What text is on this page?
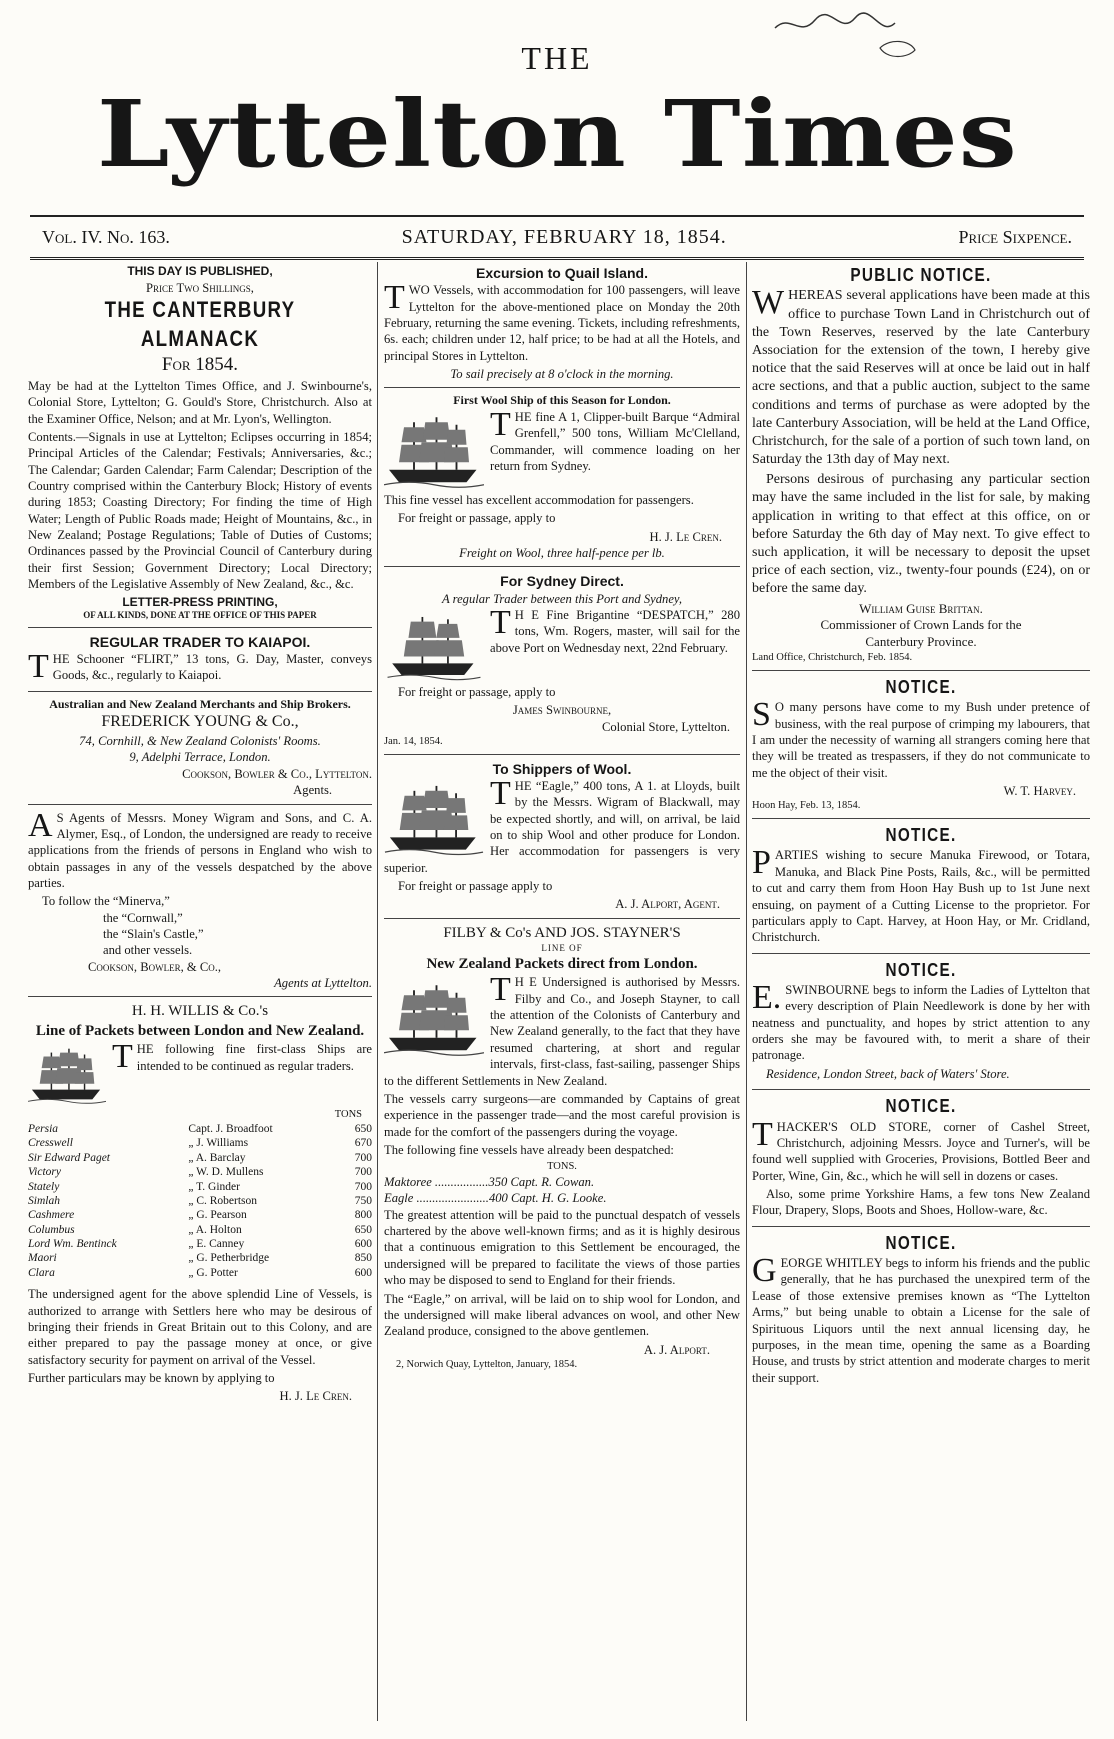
THE
Lyttelton Times
Vol. IV. No. 163.	SATURDAY, FEBRUARY 18, 1854.	Price Sixpence.
THIS DAY IS PUBLISHED,
Price Two Shillings,
THE CANTERBURY ALMANACK
For 1854.

May be had at the Lyttelton Times Office, and J. Swinbourne's, Colonial Store, Lyttelton; G. Gould's Store, Christchurch. Also at the Examiner Office, Nelson; and at Mr. Lyon's, Wellington.

Contents.—Signals in use at Lyttelton; Eclipses occurring in 1854; Principal Articles of the Calendar; Festivals; Anniversaries, &c.; The Calendar; Garden Calendar; Farm Calendar; Description of the Country comprised within the Canterbury Block; History of events during 1853; Coasting Directory; For finding the time of High Water; Length of Public Roads made; Height of Mountains, &c., in New Zealand; Postage Regulations; Table of Duties of Customs; Ordinances passed by the Provincial Council of Canterbury during their first Session; Government Directory; Local Directory; Members of the Legislative Assembly of New Zealand, &c., &c.

LETTER-PRESS PRINTING,
OF ALL KINDS, DONE AT THE OFFICE OF THIS PAPER
REGULAR TRADER TO KAIAPOI.

THE Schooner “FLIRT,” 13 tons, G. Day, Master, conveys Goods, &c., regularly to Kaiapoi.

Australian and New Zealand Merchants and Ship Brokers.
FREDERICK YOUNG & Co.,
74, Cornhill, & New Zealand Colonists' Rooms.
9, Adelphi Terrace, London.
Cookson, Bowler & Co., Lyttelton.
Agents.

A S Agents of Messrs. Money Wigram and Sons, and C. A. Alymer, Esq., of London, the undersigned are ready to receive applications from the friends of persons in England who wish to obtain passages in any of the vessels despatched by the above parties.

To follow the “Minerva,”
the “Cornwall,”
the “Slain's Castle,”
and other vessels.
Cookson, Bowler, & Co.,
Agents at Lyttelton.
H. H. WILLIS & Co.'s
Line of Packets between London and New Zealand.

THE following fine first-class Ships are intended to be continued as regular traders.

TONS
Persia	Capt. J. Broadfoot	650
Cresswell	„ J. Williams	670
Sir Edward Paget	„ A. Barclay	700
Victory	„ W. D. Mullens	700
Stately	„ T. Ginder	700
Simlah	„ C. Robertson	750
Cashmere	„ G. Pearson	800
Columbus	„ A. Holton	650
Lord Wm. Bentinck	„ E. Canney	600
Maori	„ G. Petherbridge	850
Clara	„ G. Potter	600

The undersigned agent for the above splendid Line of Vessels, is authorized to arrange with Settlers here who may be desirous of bringing their friends in Great Britain out to this Colony, and are either prepared to pay the passage money at once, or give satisfactory security for payment on arrival of the Vessel.

Further particulars may be known by applying to

H. J. Le Cren.
Excursion to Quail Island.

TWO Vessels, with accommodation for 100 passengers, will leave Lyttelton for the above-mentioned place on Monday the 20th February, returning the same evening. Tickets, including refreshments, 6s. each; children under 12, half price; to be had at all the Hotels, and principal Stores in Lyttelton.

To sail precisely at 8 o'clock in the morning.
First Wool Ship of this Season for London.

THE fine A 1, Clipper-built Barque “Admiral Grenfell,” 500 tons, William Mc'Clelland, Commander, will commence loading on her return from Sydney.

This fine vessel has excellent accommodation for passengers.

For freight or passage, apply to

H. J. Le Cren.
Freight on Wool, three half-pence per lb.
For Sydney Direct.
A regular Trader between this Port and Sydney,

T H E Fine Brigantine “DESPATCH,” 280 tons, Wm. Rogers, master, will sail for the above Port on Wednesday next, 22nd February.

For freight or passage, apply to

James Swinbourne,
Colonial Store, Lyttelton.
Jan. 14, 1854.
To Shippers of Wool.

THE “Eagle,” 400 tons, A 1. at Lloyds, built by the Messrs. Wigram of Blackwall, may be expected shortly, and will, on arrival, be laid on to ship Wool and other produce for London. Her accommodation for passengers is very superior.

For freight or passage apply to

A. J. Alport, Agent.
FILBY & Co's AND JOS. STAYNER'S
LINE OF
New Zealand Packets direct from London.

T H E Undersigned is authorised by Messrs. Filby and Co., and Joseph Stayner, to call the attention of the Colonists of Canterbury and New Zealand generally, to the fact that they have resumed chartering, at short and regular intervals, first-class, fast-sailing, passenger Ships to the different Settlements in New Zealand.

The vessels carry surgeons—are commanded by Captains of great experience in the passenger trade—and the most careful provision is made for the comfort of the passengers during the voyage.

The following fine vessels have already been despatched:

TONS.
Maktoree .................350 Capt. R. Cowan.
Eagle .......................400 Capt. H. G. Looke.

The greatest attention will be paid to the punctual despatch of vessels chartered by the above well-known firms; and as it is highly desirous that a continuous emigration to this Settlement be encouraged, the undersigned will be prepared to facilitate the views of those parties who may be disposed to send to England for their friends.

The “Eagle,” on arrival, will be laid on to ship wool for London, and the undersigned will make liberal advances on wool, and other New Zealand produce, consigned to the above gentlemen.

A. J. Alport.
2, Norwich Quay, Lyttelton, January, 1854.
PUBLIC NOTICE.

WHEREAS several applications have been made at this office to purchase Town Land in Christchurch out of the Town Reserves, reserved by the late Canterbury Association for the extension of the town, I hereby give notice that the said Reserves will at once be laid out in half acre sections, and that a public auction, subject to the same conditions and terms of purchase as were adopted by the late Canterbury Association, will be held at the Land Office, Christchurch, for the sale of a portion of such town land, on Saturday the 13th day of May next.

Persons desirous of purchasing any particular section may have the same included in the list for sale, by making application in writing to that effect at this office, on or before Saturday the 6th day of May next. To give effect to such application, it will be necessary to deposit the upset price of each section, viz., twenty-four pounds (£24), on or before the same day.

William Guise Brittan.
Commissioner of Crown Lands for the
Canterbury Province.
Land Office, Christchurch, Feb. 1854.
NOTICE.

S O many persons have come to my Bush under pretence of business, with the real purpose of crimping my labourers, that I am under the necessity of warning all strangers coming here that they will be treated as trespassers, if they do not communicate to me the object of their visit.

W. T. Harvey.
Hoon Hay, Feb. 13, 1854.
NOTICE.

PARTIES wishing to secure Manuka Firewood, or Totara, Manuka, and Black Pine Posts, Rails, &c., will be permitted to cut and carry them from Hoon Hay Bush up to 1st June next ensuing, on payment of a Cutting License to the proprietor. For particulars apply to Capt. Harvey, at Hoon Hay, or Mr. Cridland, Christchurch.

NOTICE.

E. SWINBOURNE begs to inform the Ladies of Lyttelton that every description of Plain Needlework is done by her with neatness and punctuality, and hopes by strict attention to any orders she may be favoured with, to merit a share of their patronage.

Residence, London Street, back of Waters' Store.

NOTICE.

THACKER'S OLD STORE, corner of Cashel Street, Christchurch, adjoining Messrs. Joyce and Turner's, will be found well supplied with Groceries, Provisions, Bottled Beer and Porter, Wine, Gin, &c., which he will sell in dozens or cases.

Also, some prime Yorkshire Hams, a few tons New Zealand Flour, Drapery, Slops, Boots and Shoes, Hollow-ware, &c.

NOTICE.

GEORGE WHITLEY begs to inform his friends and the public generally, that he has purchased the unexpired term of the Lease of those extensive premises known as “The Lyttelton Arms,” but being unable to obtain a License for the sale of Spirituous Liquors until the next annual licensing day, he purposes, in the mean time, opening the same as a Boarding House, and trusts by strict attention and moderate charges to merit their support.
